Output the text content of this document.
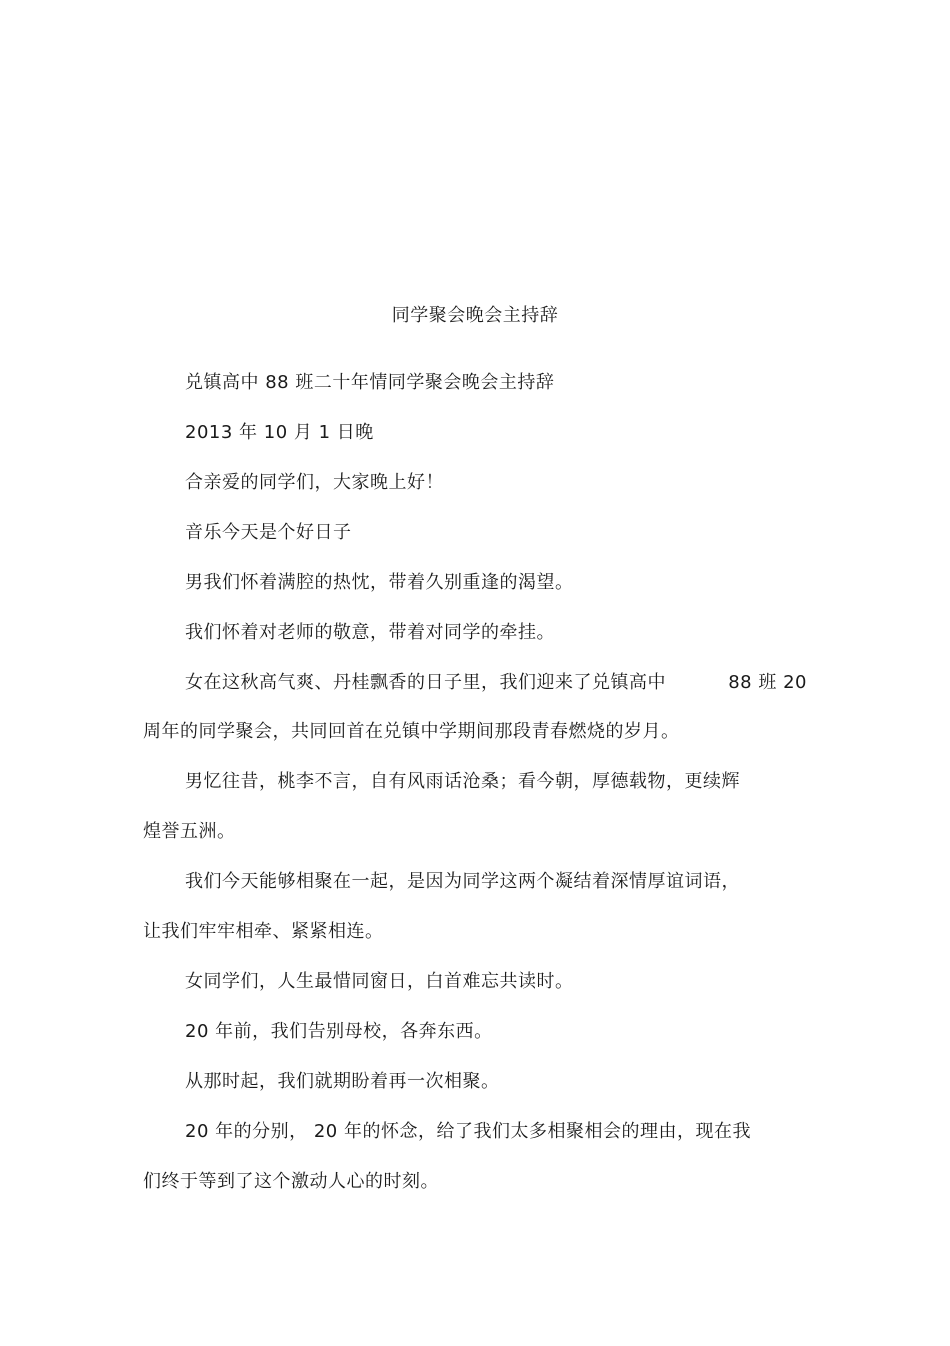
同学聚会晚会主持辞
兑镇高中 88 班二十年情同学聚会晚会主持辞
2013 年 10 月 1 日晚
合亲爱的同学们，大家晚上好！
音乐今天是个好日子
男我们怀着满腔的热忱，带着久别重逢的渴望。
我们怀着对老师的敬意，带着对同学的牵挂。
女在这秋高气爽、丹桂飘香的日子里，我们迎来了兑镇高中	88 班 20
周年的同学聚会，共同回首在兑镇中学期间那段青春燃烧的岁月。
男忆往昔，桃李不言，自有风雨话沧桑；看今朝，厚德载物，更续辉
煌誉五洲。
我们今天能够相聚在一起，是因为同学这两个凝结着深情厚谊词语，
让我们牢牢相牵、紧紧相连。
女同学们，人生最惜同窗日，白首难忘共读时。
20 年前，我们告别母校，各奔东西。
从那时起，我们就期盼着再一次相聚。
20 年的分别， 20 年的怀念，给了我们太多相聚相会的理由，现在我
们终于等到了这个激动人心的时刻。
